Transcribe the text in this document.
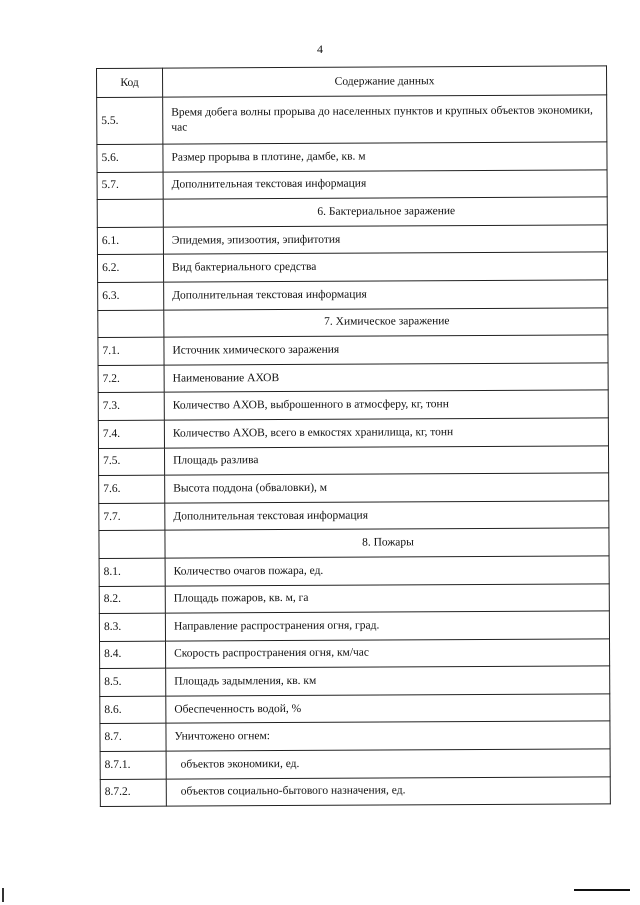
4
Код	Содержание данных
5.5.	Время добега волны прорыва до населенных пунктов и крупных объектов экономики, час
5.6.	Размер прорыва в плотине, дамбе, кв. м
5.7.	Дополнительная текстовая информация
	6. Бактериальное заражение
6.1.	Эпидемия, эпизоотия, эпифитотия
6.2.	Вид бактериального средства
6.3.	Дополнительная текстовая информация
	7. Химическое заражение
7.1.	Источник химического заражения
7.2.	Наименование АХОВ
7.3.	Количество АХОВ, выброшенного в атмосферу, кг, тонн
7.4.	Количество АХОВ, всего в емкостях хранилища, кг, тонн
7.5.	Площадь разлива
7.6.	Высота поддона (обваловки), м
7.7.	Дополнительная текстовая информация
	8. Пожары
8.1.	Количество очагов пожара, ед.
8.2.	Площадь пожаров, кв. м, га
8.3.	Направление распространения огня, град.
8.4.	Скорость распространения огня, км/час
8.5.	Площадь задымления, кв. км
8.6.	Обеспеченность водой, %
8.7.	Уничтожено огнем:
8.7.1.	объектов экономики, ед.
8.7.2.	объектов социально-бытового назначения, ед.
